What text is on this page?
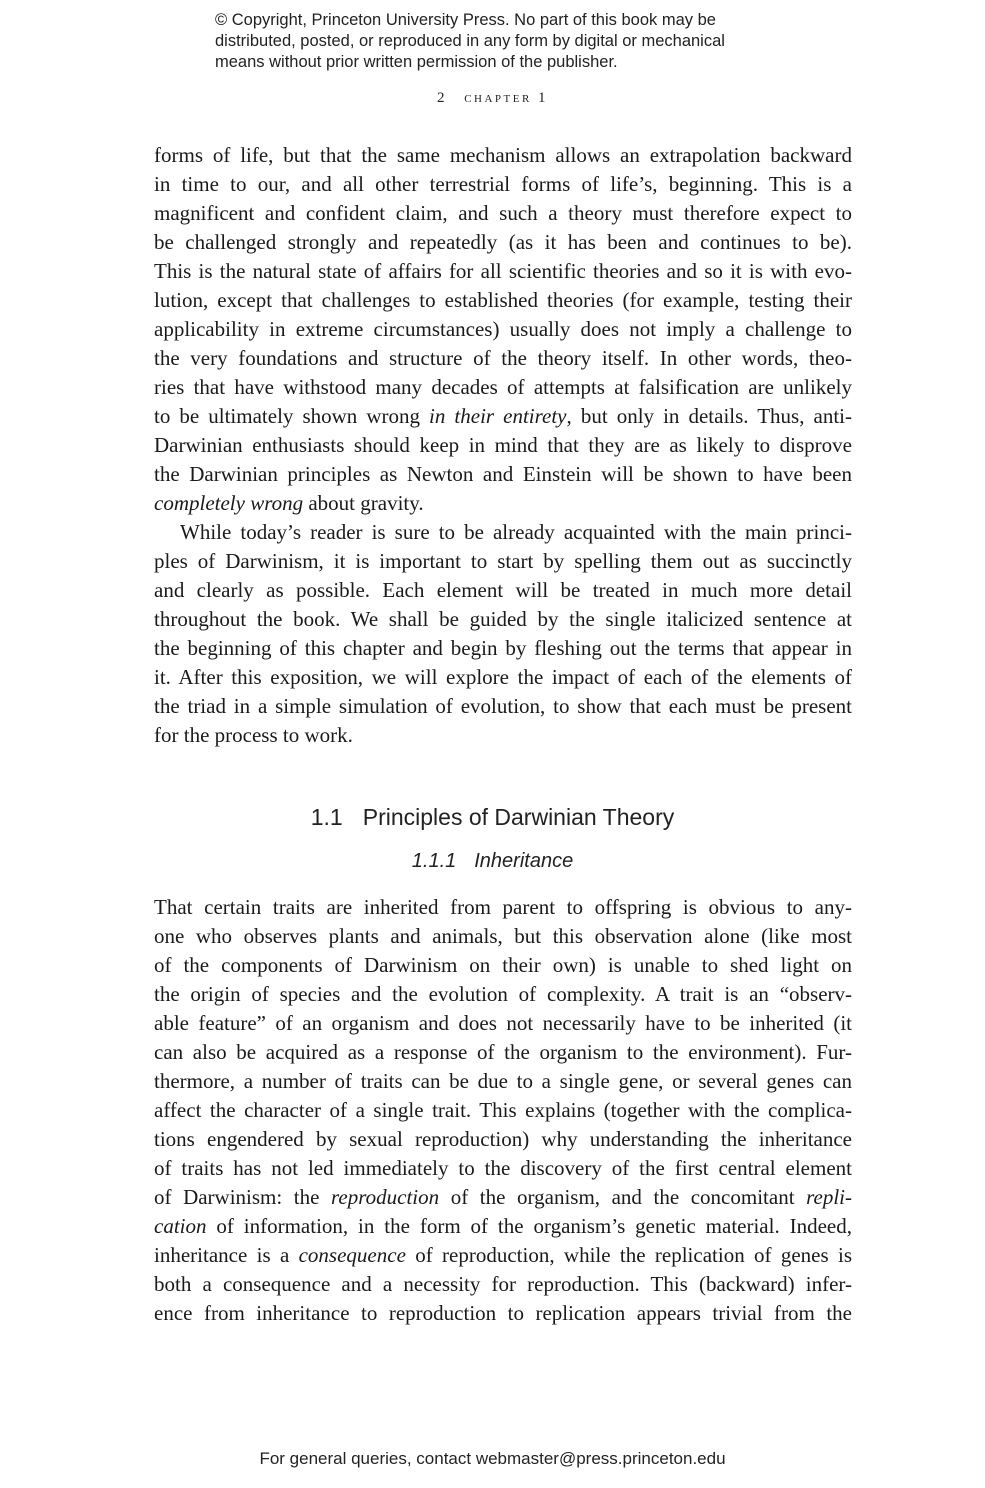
© Copyright, Princeton University Press. No part of this book may be
distributed, posted, or reproduced in any form by digital or mechanical
means without prior written permission of the publisher.
2 chapter 1

forms of life, but that the same mechanism allows an extrapolation backward
in time to our, and all other terrestrial forms of life’s, beginning. This is a
magnificent and confident claim, and such a theory must therefore expect to
be challenged strongly and repeatedly (as it has been and continues to be).
This is the natural state of affairs for all scientific theories and so it is with evo-
lution, except that challenges to established theories (for example, testing their
applicability in extreme circumstances) usually does not imply a challenge to
the very foundations and structure of the theory itself. In other words, theo-
ries that have withstood many decades of attempts at falsification are unlikely
to be ultimately shown wrong in their entirety, but only in details. Thus, anti-
Darwinian enthusiasts should keep in mind that they are as likely to disprove
the Darwinian principles as Newton and Einstein will be shown to have been
completely wrong about gravity.

While today’s reader is sure to be already acquainted with the main princi-
ples of Darwinism, it is important to start by spelling them out as succinctly
and clearly as possible. Each element will be treated in much more detail
throughout the book. We shall be guided by the single italicized sentence at
the beginning of this chapter and begin by fleshing out the terms that appear in
it. After this exposition, we will explore the impact of each of the elements of
the triad in a simple simulation of evolution, to show that each must be present
for the process to work.

1.1 Principles of Darwinian Theory
1.1.1 Inheritance

That certain traits are inherited from parent to offspring is obvious to any-
one who observes plants and animals, but this observation alone (like most
of the components of Darwinism on their own) is unable to shed light on
the origin of species and the evolution of complexity. A trait is an “observ-
able feature” of an organism and does not necessarily have to be inherited (it
can also be acquired as a response of the organism to the environment). Fur-
thermore, a number of traits can be due to a single gene, or several genes can
affect the character of a single trait. This explains (together with the complica-
tions engendered by sexual reproduction) why understanding the inheritance
of traits has not led immediately to the discovery of the first central element
of Darwinism: the reproduction of the organism, and the concomitant repli-
cation of information, in the form of the organism’s genetic material. Indeed,
inheritance is a consequence of reproduction, while the replication of genes is
both a consequence and a necessity for reproduction. This (backward) infer-
ence from inheritance to reproduction to replication appears trivial from the

For general queries, contact webmaster@press.princeton.edu
